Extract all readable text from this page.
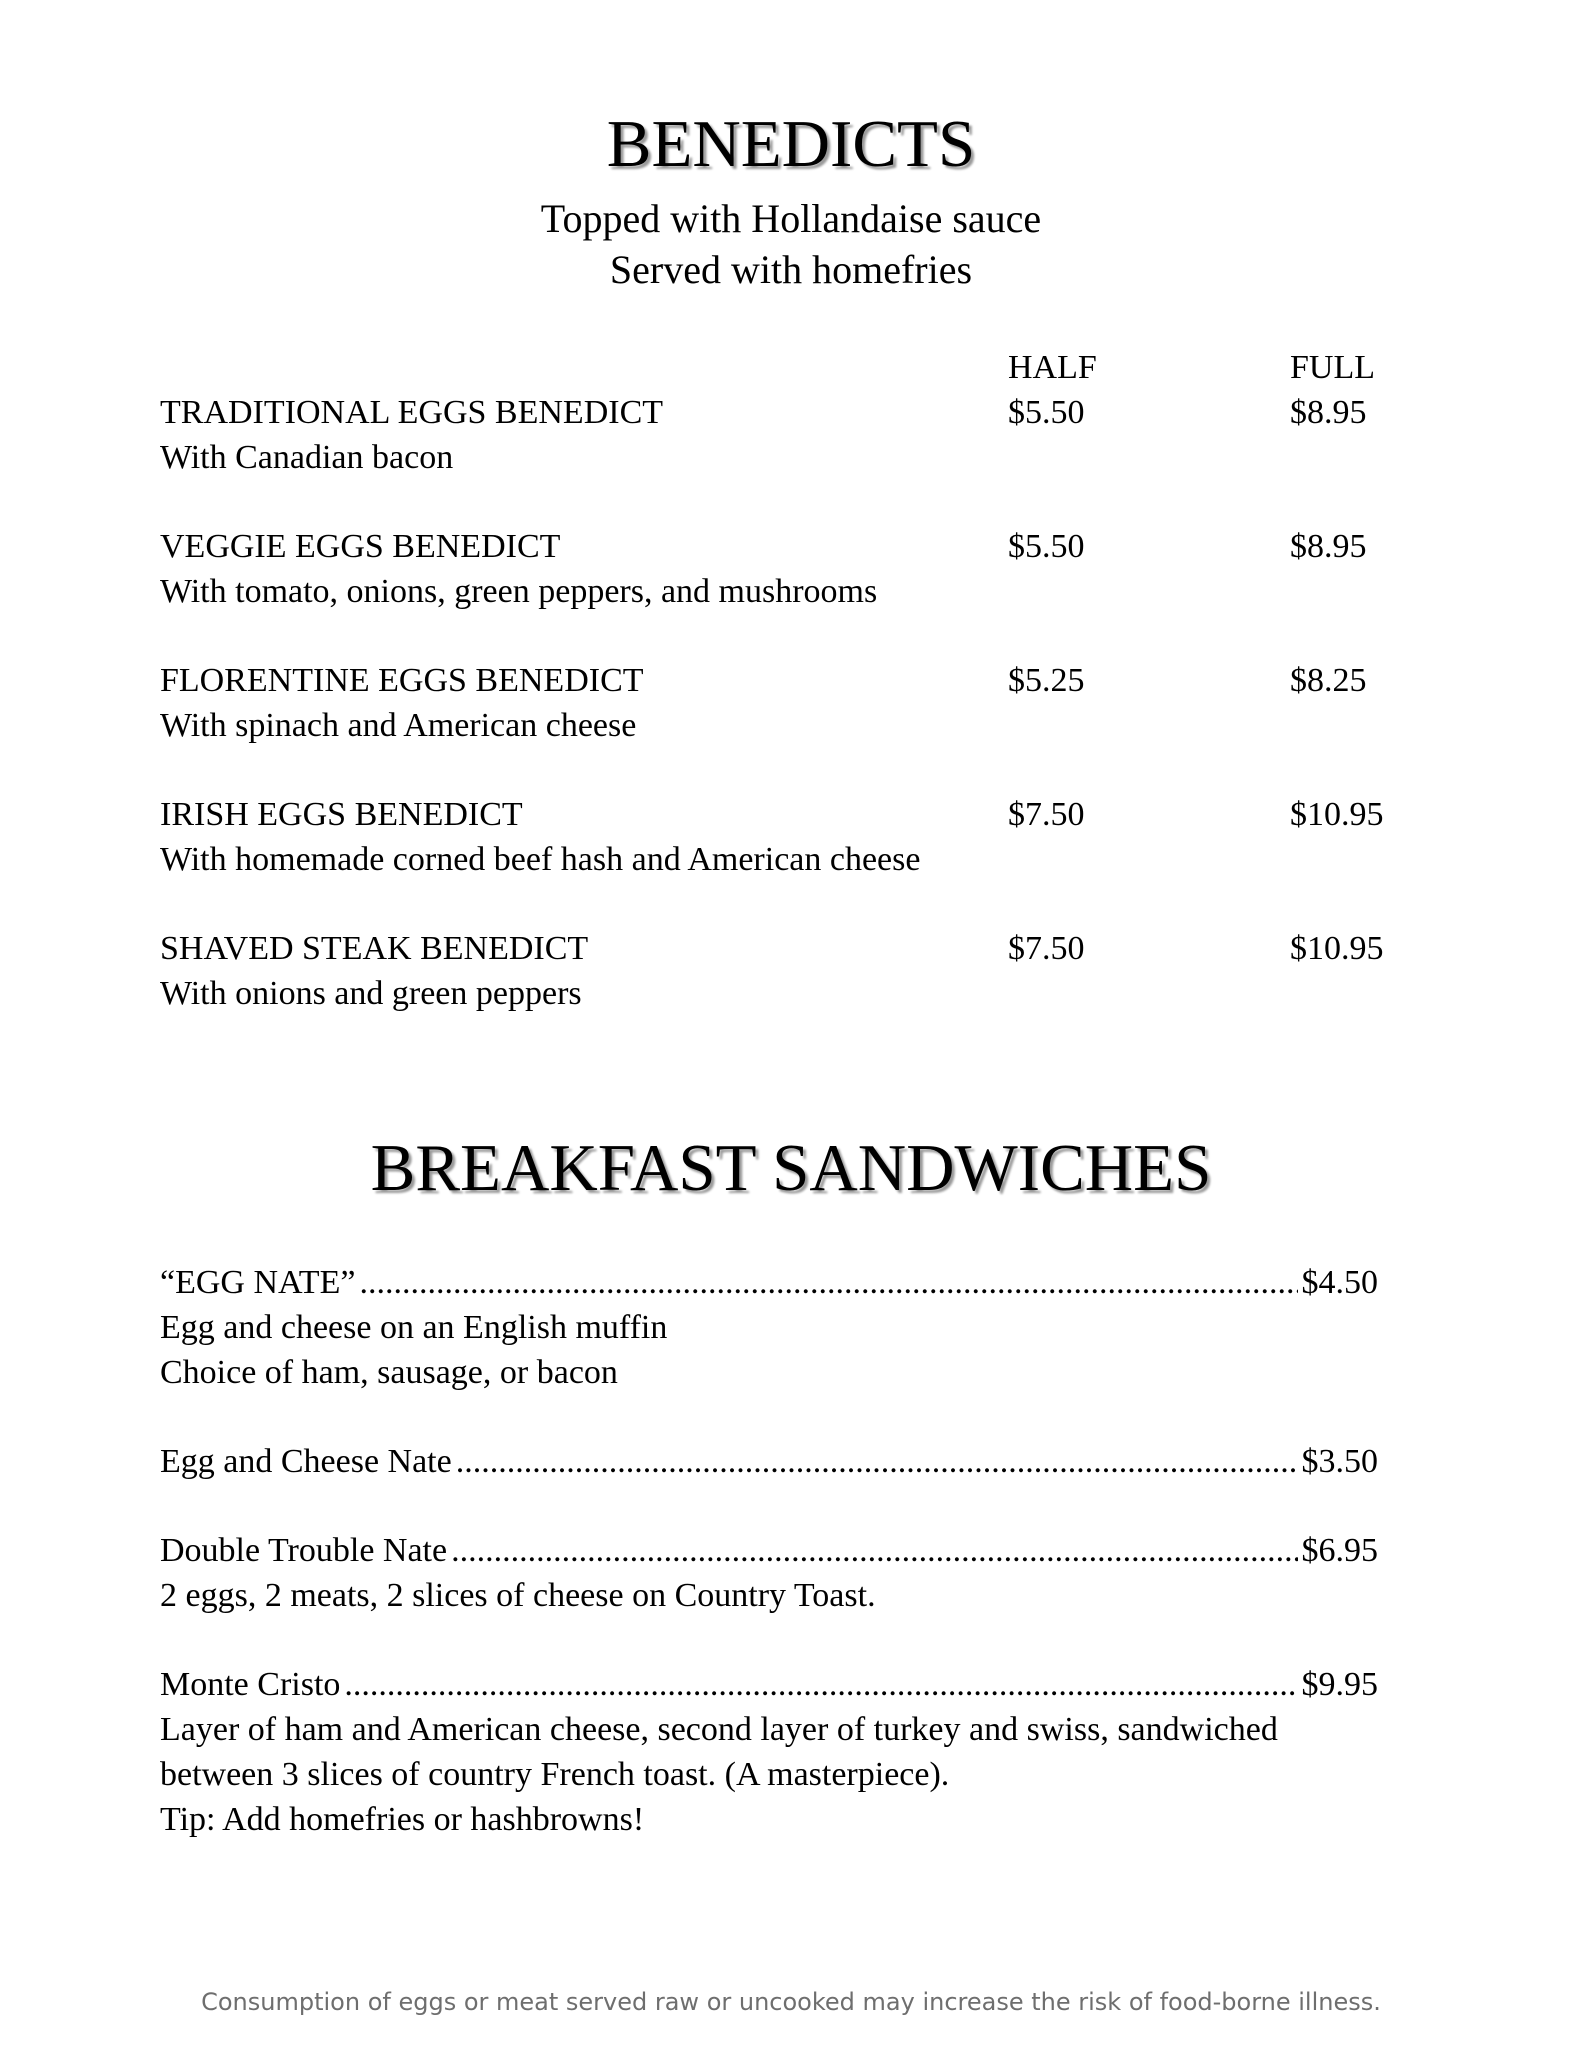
BENEDICTS
Topped with Hollandaise sauce
Served with homefries
HALF	FULL
TRADITIONAL EGGS BENEDICT	$5.50	$8.95
With Canadian bacon
VEGGIE EGGS BENEDICT	$5.50	$8.95
With tomato, onions, green peppers, and mushrooms
FLORENTINE EGGS BENEDICT	$5.25	$8.25
With spinach and American cheese
IRISH EGGS BENEDICT	$7.50	$10.95
With homemade corned beef hash and American cheese
SHAVED STEAK BENEDICT	$7.50	$10.95
With onions and green peppers
BREAKFAST SANDWICHES
“EGG NATE” .....	$4.50
Egg and cheese on an English muffin
Choice of ham, sausage, or bacon
Egg and Cheese Nate .....	$3.50
Double Trouble Nate .....	$6.95
2 eggs, 2 meats, 2 slices of cheese on Country Toast.
Monte Cristo .....	$9.95
Layer of ham and American cheese, second layer of turkey and swiss, sandwiched
between 3 slices of country French toast. (A masterpiece).
Tip: Add homefries or hashbrowns!
Consumption of eggs or meat served raw or uncooked may increase the risk of food-borne illness.
